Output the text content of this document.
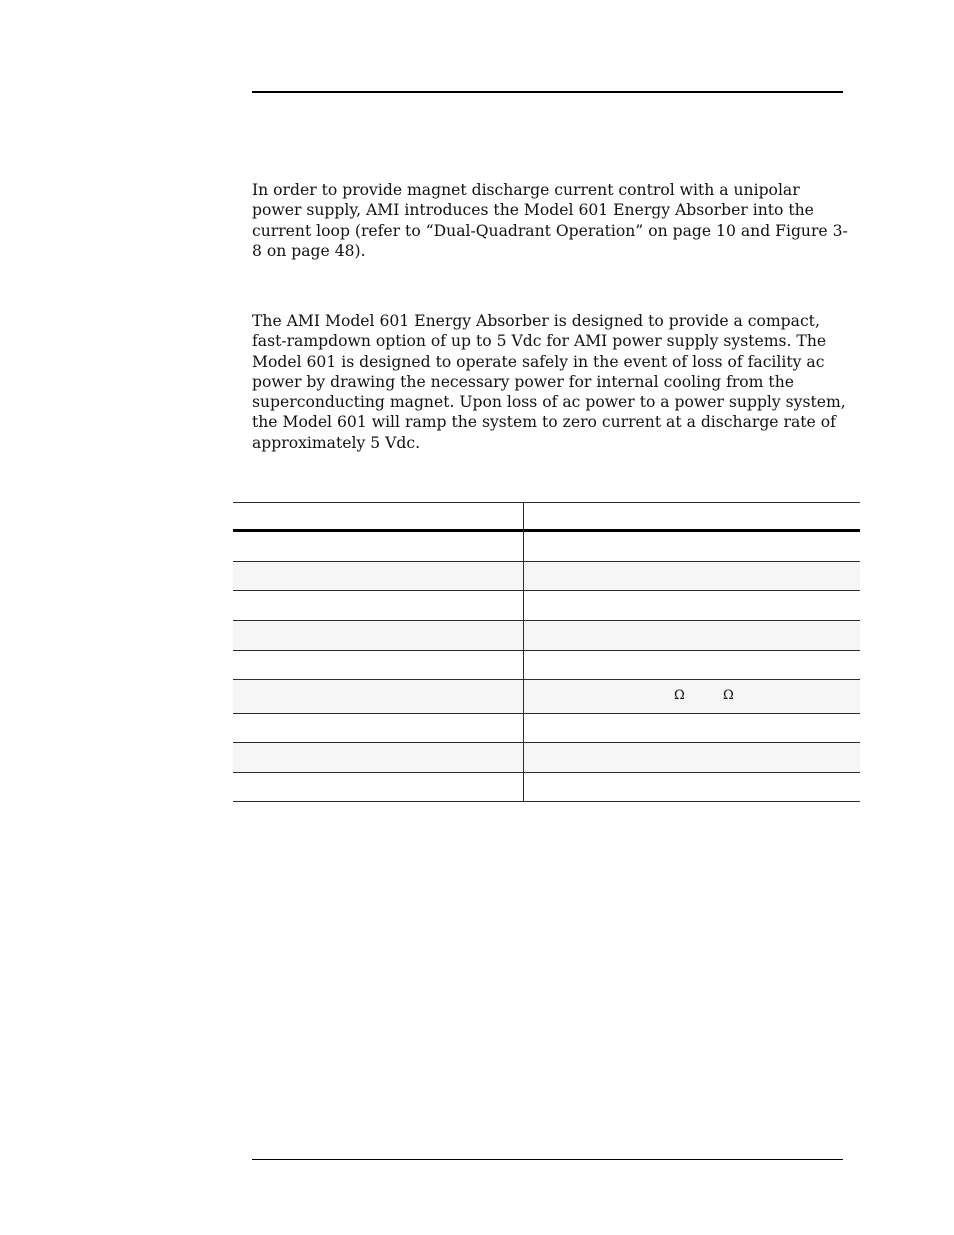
In order to provide magnet discharge current control with a unipolar
power supply, AMI introduces the Model 601 Energy Absorber into the
current loop (refer to “Dual-Quadrant Operation” on page 10 and Figure 3-
8 on page 48).

The AMI Model 601 Energy Absorber is designed to provide a compact,
fast-rampdown option of up to 5 Vdc for AMI power supply systems. The
Model 601 is designed to operate safely in the event of loss of facility ac
power by drawing the necessary power for internal cooling from the
superconducting magnet. Upon loss of ac power to a power supply system,
the Model 601 will ramp the system to zero current at a discharge rate of
approximately 5 Vdc.

Ω	Ω
